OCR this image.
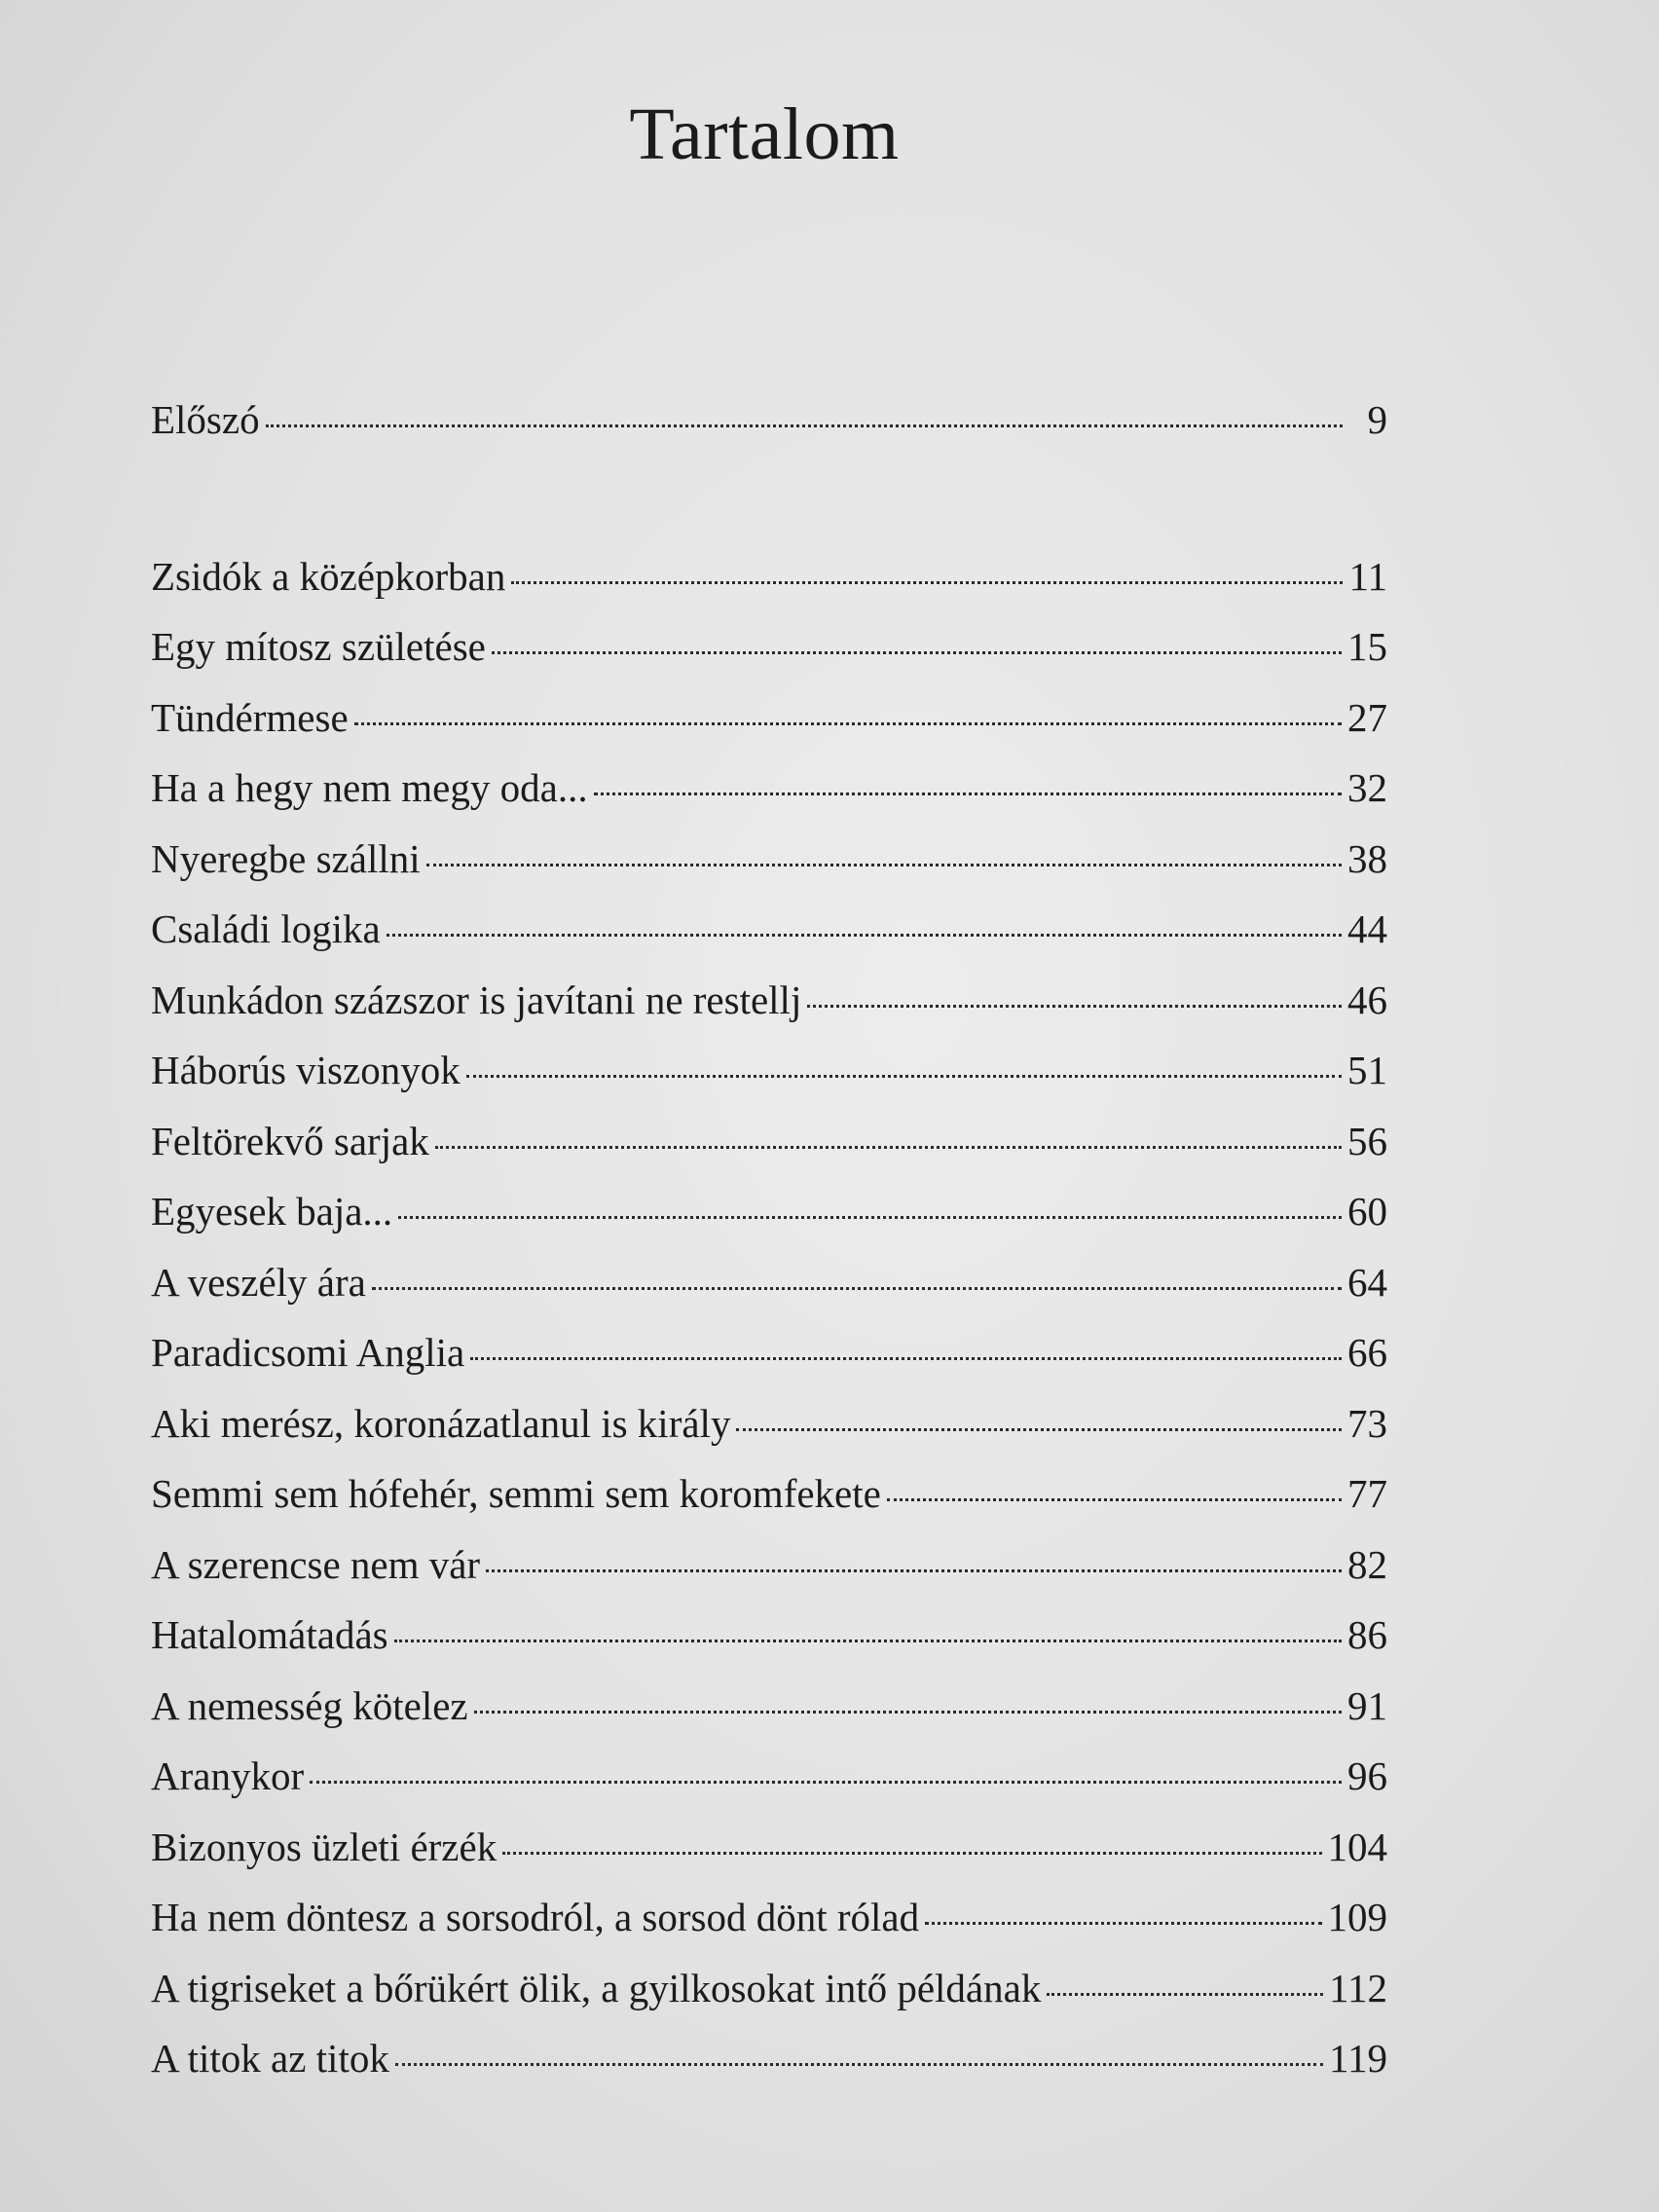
Tartalom
Előszó	9
Zsidók a középkorban	11
Egy mítosz születése	15
Tündérmese	27
Ha a hegy nem megy oda...	32
Nyeregbe szállni	38
Családi logika	44
Munkádon százszor is javítani ne restellj	46
Háborús viszonyok	51
Feltörekvő sarjak	56
Egyesek baja...	60
A veszély ára	64
Paradicsomi Anglia	66
Aki merész, koronázatlanul is király	73
Semmi sem hófehér, semmi sem koromfekete	77
A szerencse nem vár	82
Hatalomátadás	86
A nemesség kötelez	91
Aranykor	96
Bizonyos üzleti érzék	104
Ha nem döntesz a sorsodról, a sorsod dönt rólad	109
A tigriseket a bőrükért ölik, a gyilkosokat intő példának	112
A titok az titok	119
